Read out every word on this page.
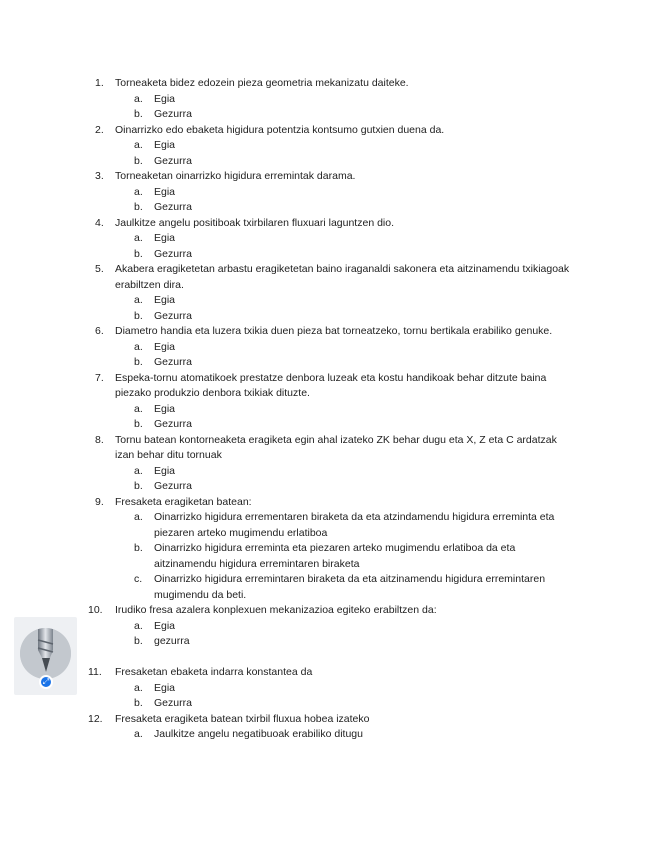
1. Torneaketa bidez edozein pieza geometria mekanizatu daiteke.
a. Egia
b. Gezurra
2. Oinarrizko edo ebaketa higidura potentzia kontsumo gutxien duena da.
a. Egia
b. Gezurra
3. Torneaketan oinarrizko higidura erremintak darama.
a. Egia
b. Gezurra
4. Jaulkitze angelu positiboak txirbilaren fluxuari laguntzen dio.
a. Egia
b. Gezurra
5. Akabera eragiketetan arbastu eragiketetan baino iraganaldi sakonera eta aitzinamendu txikiagoak erabiltzen dira.
a. Egia
b. Gezurra
6. Diametro handia eta luzera txikia duen pieza bat torneatzeko, tornu bertikala erabiliko genuke.
a. Egia
b. Gezurra
7. Espeka-tornu atomatikoek prestatze denbora luzeak eta kostu handikoak behar ditzute baina piezako produkzio denbora txikiak dituzte.
a. Egia
b. Gezurra
8. Tornu batean kontorneaketa eragiketa egin ahal izateko ZK behar dugu eta X, Z eta C ardatzak izan behar ditu tornuak
a. Egia
b. Gezurra
9. Fresaketa eragiketan batean:
a. Oinarrizko higidura errementaren biraketa da eta atzindamendu higidura erreminta eta piezaren arteko mugimendu erlatiboa
b. Oinarrizko higidura erreminta eta piezaren arteko mugimendu erlatiboa da eta aitzinamendu higidura erremintaren biraketa
c. Oinarrizko higidura erremintaren biraketa da eta aitzinamendu higidura erremintaren mugimendu da beti.
10. Irudiko fresa azalera konplexuen mekanizazioa egiteko erabiltzen da:
a. Egia
b. gezurra
11. Fresaketan ebaketa indarra konstantea da
a. Egia
b. Gezurra
12. Fresaketa eragiketa batean txirbil fluxua hobea izateko
a. Jaulkitze angelu negatibuoak erabiliko ditugu
⤢
